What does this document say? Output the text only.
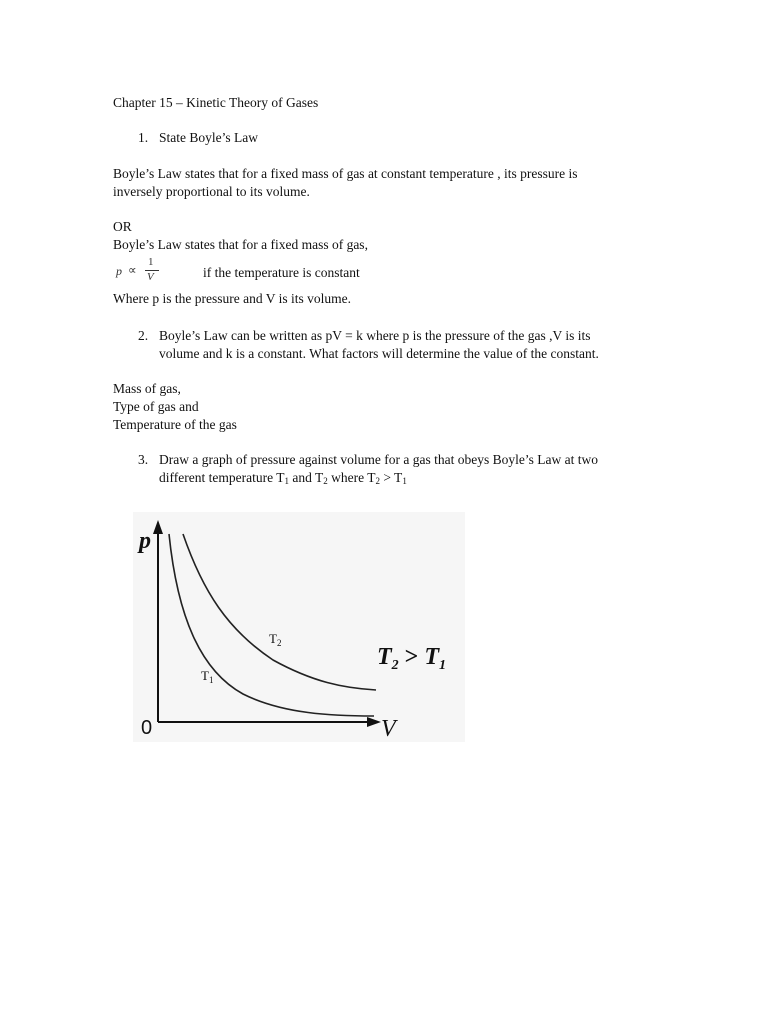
Chapter 15 – Kinetic Theory of Gases
1. State Boyle’s Law
Boyle’s Law states that for a fixed mass of gas at constant temperature , its pressure is
inversely proportional to its volume.
OR
Boyle’s Law states that for a fixed mass of gas,
p ∝
1
V	if the temperature is constant
Where p is the pressure and V is its volume.
2. Boyle’s Law can be written as pV = k where p is the pressure of the gas ,V is its
volume and k is a constant. What factors will determine the value of the constant.
Mass of gas,
Type of gas and
Temperature of the gas
3. Draw a graph of pressure against volume for a gas that obeys Boyle’s Law at two
different temperature $T_1$ and $T_2$ where $T_2 > T_1$
p
V
0
$T_1$
$T_2$
$T_2 > T_1$
